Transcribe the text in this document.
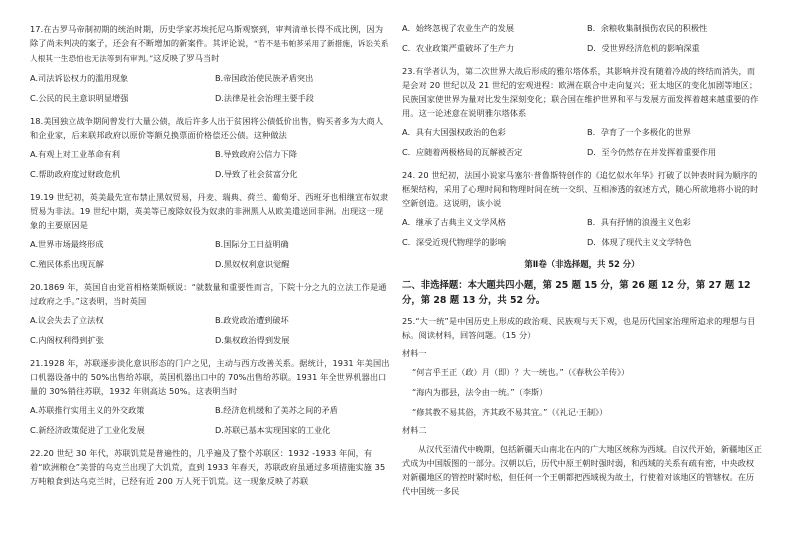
17.在古罗马帝制初期的统治时期，历史学家苏埃托尼乌斯观察到，审判清单长得不成比例，因为除了尚未判决的案子，还会有不断增加的新案件。其评论说，“若不是韦帕芗采用了新措施，诉讼关系人根其一生恐怕也无法等到有审判。”这反映了罗马当时

A.司法诉讼权力的滥用现象	B.帝国政治使民族矛盾突出
C.公民的民主意识明显增强	D.法律是社会治理主要手段

18.美国独立战争期间曾发行大量公债，战后许多人出于贫困将公债低价出售，购买者多为大商人和企业家，后来联邦政府以原价等额兑换票面价格偿还公债。这种做法

A.有观上对工业革命有利	B.导致政府公信力下降
C.帮助政府度过财政危机	D.导致了社会贫富分化

19.19 世纪初，英美最先宣布禁止黑奴贸易，丹麦、瑞典、荷兰、葡萄牙、西班牙也相继宣布奴隶贸易为非法。19 世纪中期，英美等已废除奴役为奴隶的非洲黑人从欧美遣送回非洲。出现这一现象的主要原因是

A.世界市场最终形成	B.国际分工日益明确
C.殖民体系出现瓦解	D.黑奴权利意识觉醒

20.1869 年，英国自由党首相格莱斯顿说：“就数量和重要性而言，下院十分之九的立法工作是通过政府之手。”这表明，当时英国

A.议会失去了立法权	B.政党政治遭到破坏
C.内阁权利得到扩张	D.集权政治得到发展

21.1928 年，苏联逐步淡化意识形态的门户之见，主动与西方改善关系。据统计，1931 年美国出口机器设备中的 50%出售给苏联，英国机器出口中的 70%出售给苏联。1931 年全世界机器出口量的 30%销往苏联，1932 年则高达 50%。这表明当时

A.苏联推行实用主义的外交政策	B.经济危机缓和了美苏之间的矛盾
C.新经济政策促进了工业化发展	D.苏联已基本实现国家的工业化

22.20 世纪 30 年代，苏联饥荒是普遍性的，几乎遍及了整个苏联区：1932 -1933 年间，有着“欧洲粮仓”美誉的乌克兰出现了大饥荒，直到 1933 年春天，苏联政府虽通过多项措施实施 35 万吨粮食到达乌克兰时，已经有近 200 万人死于饥荒。这一现象反映了苏联

A．始终忽视了农业生产的发展	B．余粮收集制损伤农民的积极性
C．农业政策严重破坏了生产力	D．受世界经济危机的影响深重

23.有学者认为，第二次世界大战后形成的雅尔塔体系，其影响并没有随着冷战的终结而消失，而是会对 20 世纪以及 21 世纪的宏观进程：欧洲在联合中走向复兴；亚太地区的变化加剧等地区；民族国家使世界为量对比发生深刻变化；联合国在维护世界和平与发展方面发挥着越来越重要的作用。这一论述意在说明雅尔塔体系

A．具有大国强权政治的色彩	B．孕育了一个多极化的世界
C．应随着两极格局的瓦解被否定	D．至今仍然存在并发挥着重要作用

24. 20 世纪初，法国小说家马塞尔·普鲁斯特创作的《追忆似水年华》打破了以钟表时间为顺序的框架结构，采用了心理时间和物理时间在统一交织、互相渗透的叙述方式，随心所欲地将小说的时空新创造。这说明，该小说

A．继承了古典主义文学风格	B．具有抒情的浪漫主义色彩
C．深受近现代物理学的影响	D．体现了现代主义文学特色
第Ⅱ卷（非选择题，共 52 分）
二、非选择题：本大题共四小题，第 25 题 15 分，第 26 题 12 分，第 27 题 12 分，第 28 题 13 分，共 52 分。

25.“大一统”是中国历史上形成的政治观、民族观与天下观，也是历代国家治理所追求的理想与目标。阅读材料，回答问题。（15 分）

材料一
“何言乎王正（政）月（即）？大一统也。”（《春秋公羊传》）
“海内为郡县，法令由一统。”（李斯）
“修其教不易其俗，齐其政不易其宜。”（《礼记·王制》）
材料二

从汉代至清代中晚期，包括新疆天山南北在内的广大地区统称为西域。自汉代开始，新疆地区正式成为中国版图的一部分。汉朝以后，历代中原王朝时强时弱，和西域的关系有疏有密，中央政权对新疆地区的管控时紧时松，但任何一个王朝都把西域视为故土，行使着对该地区的管辖权。在历代中国统一多民
